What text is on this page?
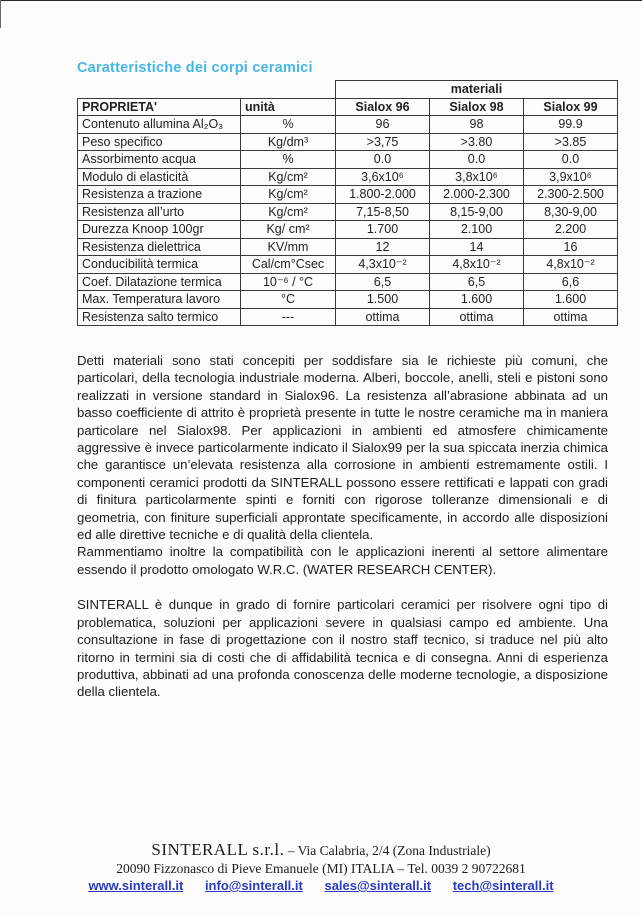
Caratteristiche dei corpi ceramici
		materiali		
PROPRIETA'	unità	Sialox 96	Sialox 98	Sialox 99
Contenuto allumina Al₂O₃	%	96	98	99.9
Peso specifico	Kg/dm³	>3,75	>3.80	>3.85
Assorbimento acqua	%	0.0	0.0	0.0
Modulo di elasticità	Kg/cm²	3,6x10⁶	3,8x10⁶	3,9x10⁶
Resistenza a trazione	Kg/cm²	1.800-2.000	2.000-2.300	2.300-2.500
Resistenza all’urto	Kg/cm²	7,15-8,50	8,15-9,00	8,30-9,00
Durezza Knoop 100gr	Kg/ cm²	1.700	2.100	2.200
Resistenza dielettrica	KV/mm	12	14	16
Conducibilità termica	Cal/cm°Csec	4,3x10⁻²	4,8x10⁻²	4,8x10⁻²
Coef. Dilatazione termica	10⁻⁶ / °C	6,5	6,5	6,6
Max. Temperatura lavoro	°C	1.500	1.600	1.600
Resistenza salto termico	---	ottima	ottima	ottima

Detti materiali sono stati concepiti per soddisfare sia le richieste più comuni, che particolari, della tecnologia industriale moderna. Alberi, boccole, anelli, steli e pistoni sono realizzati in versione standard in Sialox96. La resistenza all’abrasione abbinata ad un basso coefficiente di attrito è proprietà presente in tutte le nostre ceramiche ma in maniera particolare nel Sialox98. Per applicazioni in ambienti ed atmosfere chimicamente aggressive è invece particolarmente indicato il Sialox99 per la sua spiccata inerzia chimica che garantisce un’elevata resistenza alla corrosione in ambienti estremamente ostili. I componenti ceramici prodotti da SINTERALL possono essere rettificati e lappati con gradi di finitura particolarmente spinti e forniti con rigorose tolleranze dimensionali e di geometria, con finiture superficiali approntate specificamente, in accordo alle disposizioni ed alle direttive tecniche e di qualità della clientela.

Rammentiamo inoltre la compatibilità con le applicazioni inerenti al settore alimentare essendo il prodotto omologato W.R.C. (WATER RESEARCH CENTER).

SINTERALL è dunque in grado di fornire particolari ceramici per risolvere ogni tipo di problematica, soluzioni per applicazioni severe in qualsiasi campo ed ambiente. Una consultazione in fase di progettazione con il nostro staff tecnico, si traduce nel più alto ritorno in termini sia di costi che di affidabilità tecnica e di consegna. Anni di esperienza produttiva, abbinati ad una profonda conoscenza delle moderne tecnologie, a disposizione della clientela.

SINTERALL s.r.l. – Via Calabria, 2/4 (Zona Industriale)
20090 Fizzonasco di Pieve Emanuele (MI) ITALIA – Tel. 0039 2 90722681
www.sinterall.it info@sinterall.it sales@sinterall.it tech@sinterall.it
